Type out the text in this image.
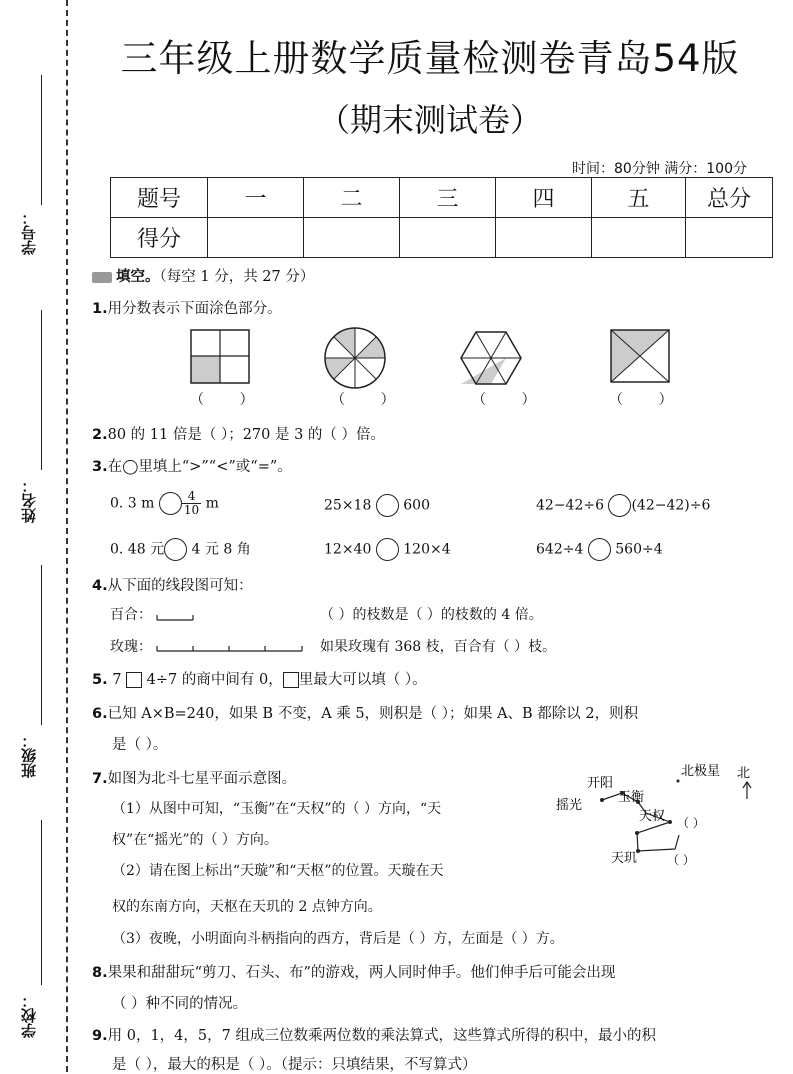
学号：
姓名：
班级：
学校：
三年级上册数学质量检测卷青岛54版
（期末测试卷）
时间：80分钟 满分：100分
题号	一	二	三	四	五	总分
得分						
填空。（每空 1 分，共 27 分）
1.用分数表示下面涂色部分。
（        ）	（        ）	（        ）	（        ）
2.80 的 11 倍是（ ）；270 是 3 的（ ）倍。
3.在◯里填上“>”“<”或“=”。
0. 3 m $\frac{4}{10}$ m	25×18 600	42−42÷6 (42−42)÷6
0. 48 元 4 元 8 角	12×40 120×4	642÷4 560÷4
4.从下面的线段图可知：
百合：
玫瑰：
（ ）的枝数是（ ）的枝数的 4 倍。
如果玫瑰有 368 枝，百合有（ ）枝。
5. 7 4÷7 的商中间有 0， 里最大可以填（ ）。
6.已知 A×B=240，如果 B 不变，A 乘 5，则积是（ ）；如果 A、B 都除以 2，则积
是（ ）。
7.如图为北斗七星平面示意图。
（1）从图中可知，“玉衡”在“天权”的（ ）方向，“天
权”在“摇光”的（ ）方向。
（2）请在图上标出“天璇”和“天枢”的位置。天璇在天
权的东南方向，天枢在天玑的 2 点钟方向。
（3）夜晚，小明面向斗柄指向的西方，背后是（ ）方，左面是（ ）方。
开阳
北极星 北
摇光
玉衡
天权
天玑
（ ）
（ ）
8.果果和甜甜玩“剪刀、石头、布”的游戏，两人同时伸手。他们伸手后可能会出现
（ ）种不同的情况。
9.用 0，1，4，5，7 组成三位数乘两位数的乘法算式，这些算式所得的积中，最小的积
是（ ），最大的积是（ ）。（提示：只填结果，不写算式）
